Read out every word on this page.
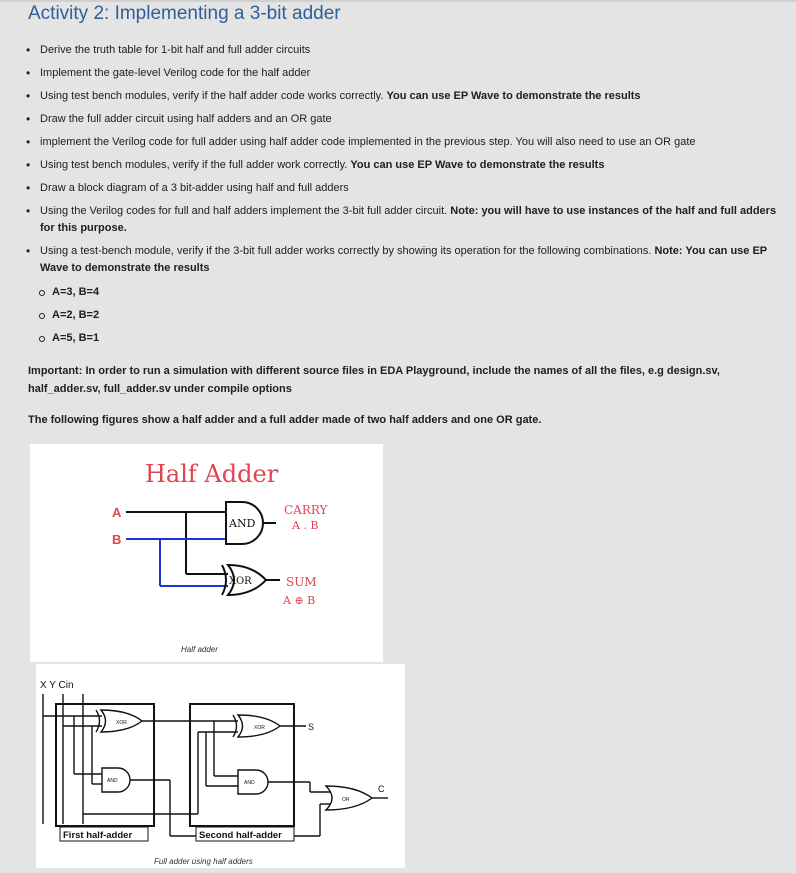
Activity 2: Implementing a 3-bit adder
• Derive the truth table for 1-bit half and full adder circuits
• Implement the gate-level Verilog code for the half adder
• Using test bench modules, verify if the half adder code works correctly. You can use EP Wave to demonstrate the results
• Draw the full adder circuit using half adders and an OR gate
• implement the Verilog code for full adder using half adder code implemented in the previous step. You will also need to use an OR gate
• Using test bench modules, verify if the full adder work correctly. You can use EP Wave to demonstrate the results
• Draw a block diagram of a 3 bit-adder using half and full adders
• Using the Verilog codes for full and half adders implement the 3-bit full adder circuit. Note: you will have to use instances of the half and full adders for this purpose.
• Using a test-bench module, verify if the 3-bit full adder works correctly by showing its operation for the following combinations. Note: You can use EP Wave to demonstrate the results
A=3, B=4
A=2, B=2
A=5, B=1

Important: In order to run a simulation with different source files in EDA Playground, include the names of all the files, e.g design.sv, half_adder.sv, full_adder.sv under compile options

The following figures show a half adder and a full adder made of two half adders and one OR gate.

Half Adder
A
B
AND
XOR
CARRY
A . B
SUM
A ⊕ B
Half adder
X Y Cin
First half-adder
XOR
AND
Second half-adder
XOR	S
AND
OR
C
Full adder using half adders
